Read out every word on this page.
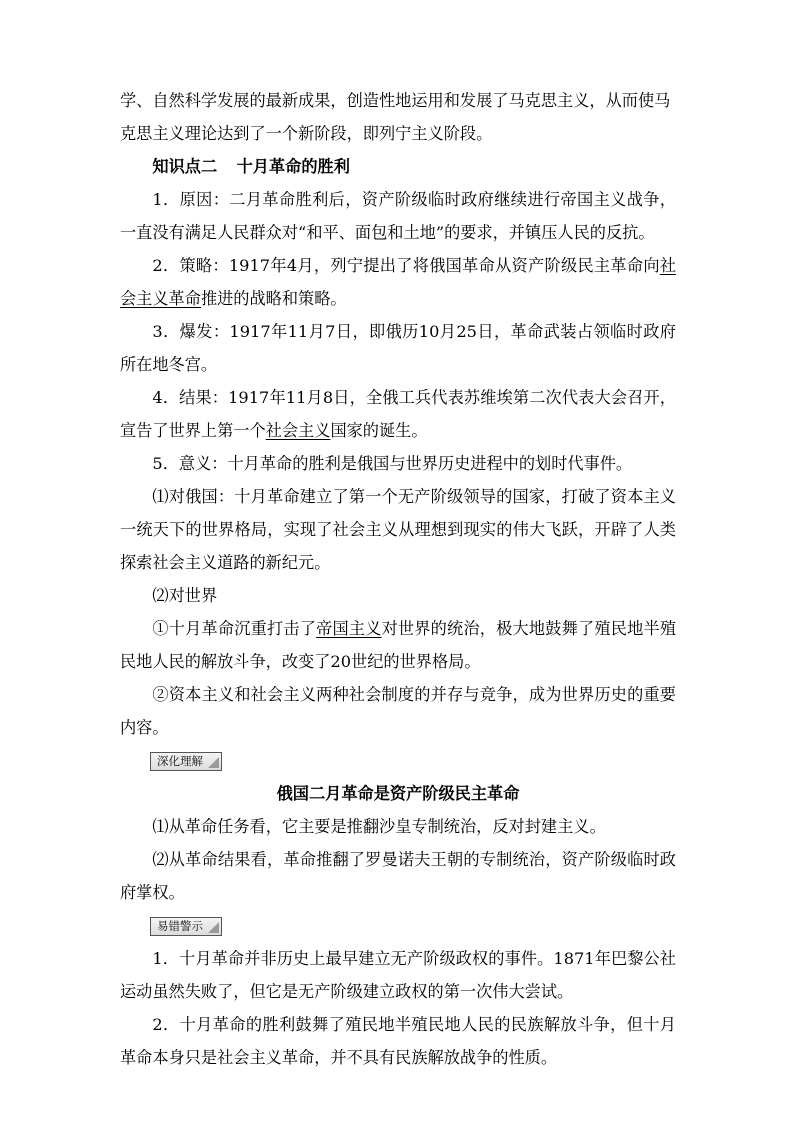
学、自然科学发展的最新成果，创造性地运用和发展了马克思主义，从而使马
克思主义理论达到了一个新阶段，即列宁主义阶段。

知识点二 十月革命的胜利

1．原因：二月革命胜利后，资产阶级临时政府继续进行帝国主义战争，一直没有满足人民群众对“和平、面包和土地”的要求，并镇压人民的反抗。

2．策略：1917年4月，列宁提出了将俄国革命从资产阶级民主革命向社会主义革命推进的战略和策略。

3．爆发：1917年11月7日，即俄历10月25日，革命武装占领临时政府所在地冬宫。

4．结果：1917年11月8日，全俄工兵代表苏维埃第二次代表大会召开，宣告了世界上第一个社会主义国家的诞生。

5．意义：十月革命的胜利是俄国与世界历史进程中的划时代事件。

⑴对俄国：十月革命建立了第一个无产阶级领导的国家，打破了资本主义一统天下的世界格局，实现了社会主义从理想到现实的伟大飞跃，开辟了人类探索社会主义道路的新纪元。

⑵对世界

①十月革命沉重打击了帝国主义对世界的统治，极大地鼓舞了殖民地半殖民地人民的解放斗争，改变了20世纪的世界格局。

②资本主义和社会主义两种社会制度的并存与竞争，成为世界历史的重要内容。

深化理解

俄国二月革命是资产阶级民主革命

⑴从革命任务看，它主要是推翻沙皇专制统治，反对封建主义。

⑵从革命结果看，革命推翻了罗曼诺夫王朝的专制统治，资产阶级临时政府掌权。

易错警示

1．十月革命并非历史上最早建立无产阶级政权的事件。1871年巴黎公社运动虽然失败了，但它是无产阶级建立政权的第一次伟大尝试。

2．十月革命的胜利鼓舞了殖民地半殖民地人民的民族解放斗争，但十月革命本身只是社会主义革命，并不具有民族解放战争的性质。
